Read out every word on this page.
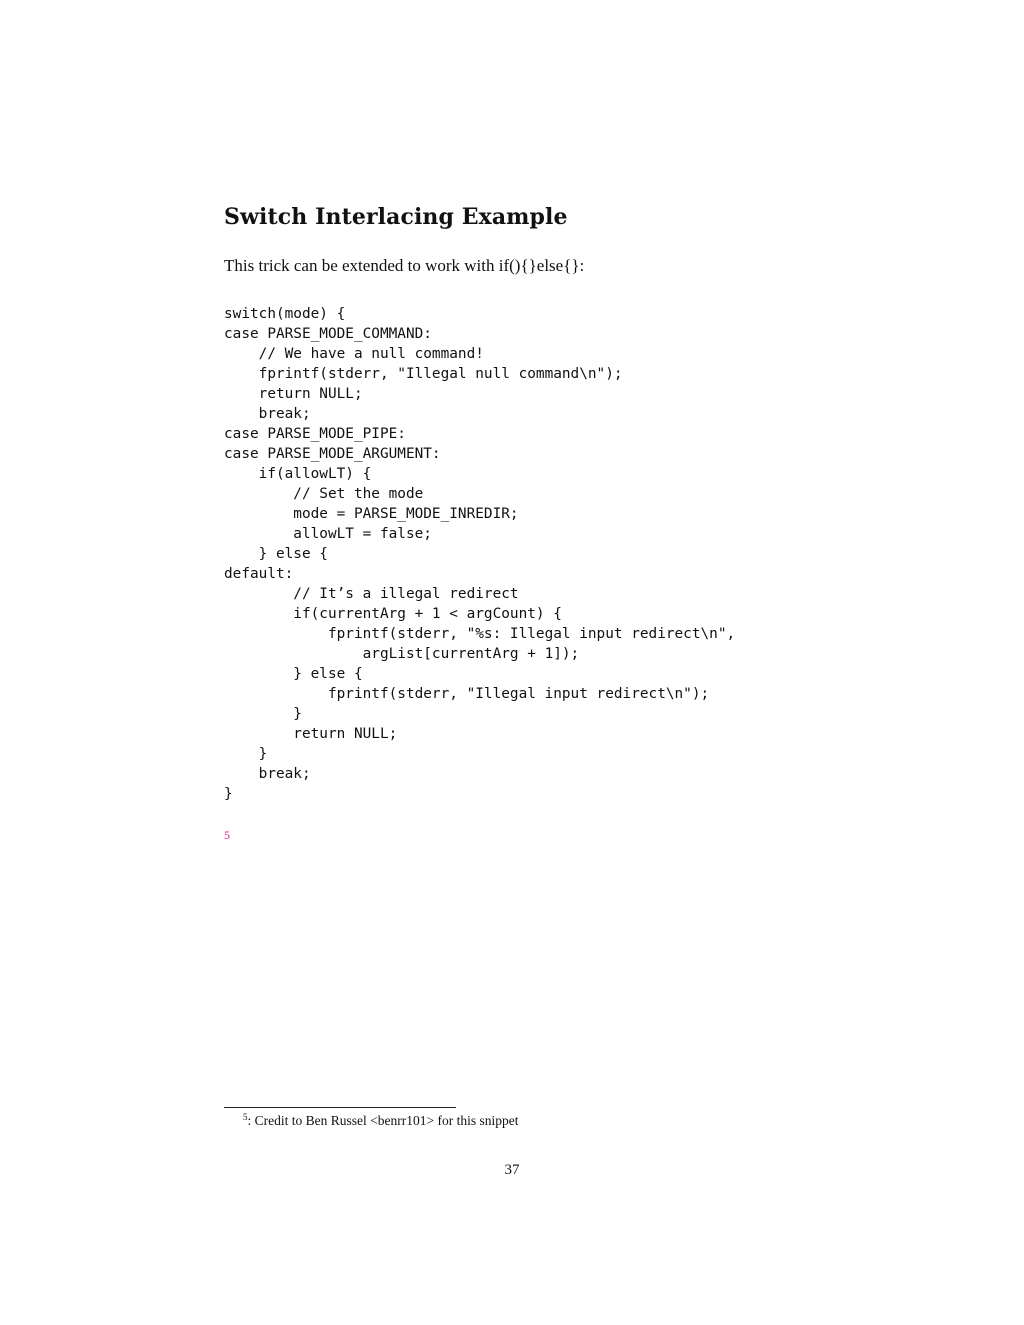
Switch Interlacing Example

This trick can be extended to work with if(){}else{}:

switch(mode) {
case PARSE_MODE_COMMAND:
// We have a null command!
fprintf(stderr, "Illegal null command\n");
return NULL;
break;
case PARSE_MODE_PIPE:
case PARSE_MODE_ARGUMENT:
if(allowLT) {
// Set the mode
mode = PARSE_MODE_INREDIR;
allowLT = false;
} else {
default:
// It’s a illegal redirect
if(currentArg + 1 < argCount) {
fprintf(stderr, "%s: Illegal input redirect\n",
argList[currentArg + 1]);
} else {
fprintf(stderr, "Illegal input redirect\n");
}
return NULL;
}
break;
}
5
$^5$: Credit to Ben Russel <benrr101> for this snippet
37
